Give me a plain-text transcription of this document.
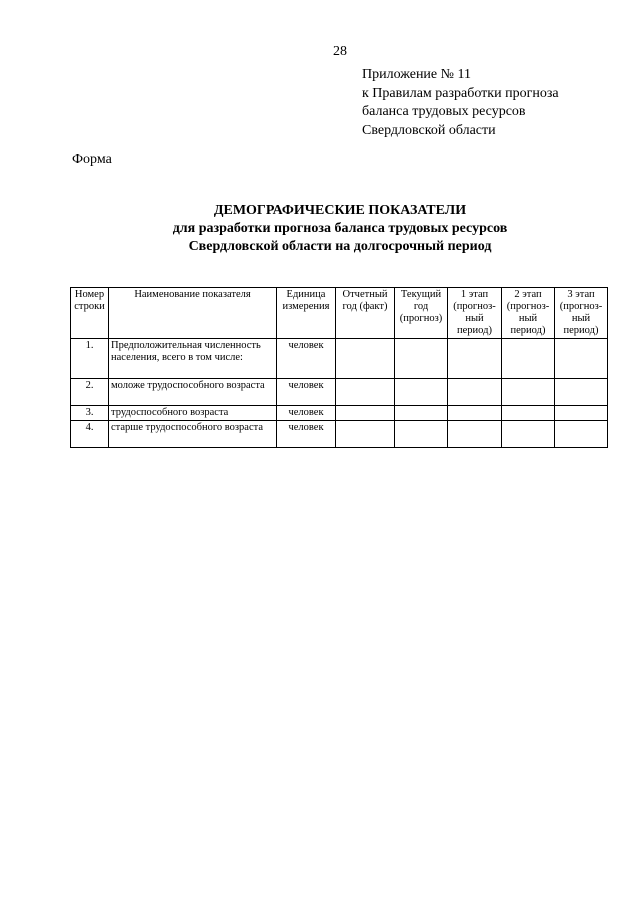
28
Приложение № 11
к Правилам разработки прогноза
баланса трудовых ресурсов
Свердловской области
Форма
ДЕМОГРАФИЧЕСКИЕ ПОКАЗАТЕЛИ
для разработки прогноза баланса трудовых ресурсов
Свердловской области на долгосрочный период
Номер строки	Наименование показателя	Единица измерения	Отчетный год (факт)	Текущий год (прогноз)	1 этап (прогноз-ный период)	2 этап (прогноз-ный период)	3 этап (прогноз-ный период)
1.	Предположительная численность населения, всего в том числе:	человек					
2.	моложе трудоспособного возраста	человек					
3.	трудоспособного возраста	человек					
4.	старше трудоспособного возраста	человек					
